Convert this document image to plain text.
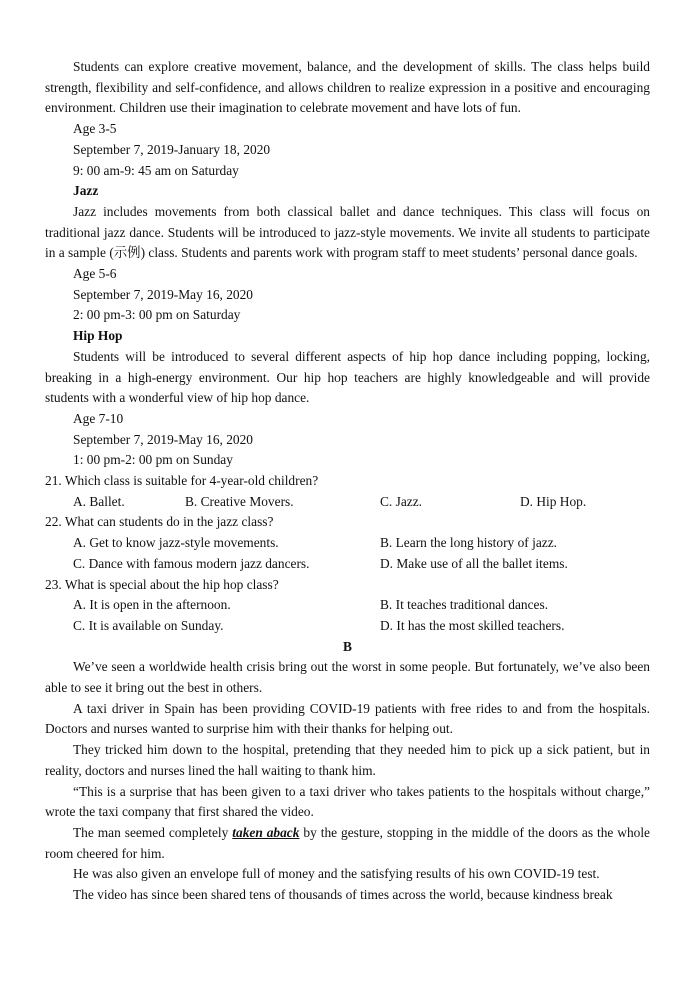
Students can explore creative movement, balance, and the development of skills. The class helps build strength, flexibility and self-confidence, and allows children to realize expression in a positive and encouraging environment. Children use their imagination to celebrate movement and have lots of fun.

Age 3-5

September 7, 2019-January 18, 2020

9: 00 am-9: 45 am on Saturday

Jazz

Jazz includes movements from both classical ballet and dance techniques. This class will focus on traditional jazz dance. Students will be introduced to jazz-style movements. We invite all students to participate in a sample (示例) class. Students and parents work with program staff to meet students’ personal dance goals.

Age 5-6

September 7, 2019-May 16, 2020

2: 00 pm-3: 00 pm on Saturday

Hip Hop

Students will be introduced to several different aspects of hip hop dance including popping, locking, breaking in a high-energy environment. Our hip hop teachers are highly knowledgeable and will provide students with a wonderful view of hip hop dance.

Age 7-10

September 7, 2019-May 16, 2020

1: 00 pm-2: 00 pm on Sunday

21. Which class is suitable for 4-year-old children?

A. Ballet.	B. Creative Movers.	C. Jazz.	D. Hip Hop.

22. What can students do in the jazz class?

A. Get to know jazz-style movements.	B. Learn the long history of jazz.
C. Dance with famous modern jazz dancers.	D. Make use of all the ballet items.

23. What is special about the hip hop class?

A. It is open in the afternoon.	B. It teaches traditional dances.
C. It is available on Sunday.	D. It has the most skilled teachers.

B

We’ve seen a worldwide health crisis bring out the worst in some people. But fortunately, we’ve also been able to see it bring out the best in others.

A taxi driver in Spain has been providing COVID-19 patients with free rides to and from the hospitals. Doctors and nurses wanted to surprise him with their thanks for helping out.

They tricked him down to the hospital, pretending that they needed him to pick up a sick patient, but in reality, doctors and nurses lined the hall waiting to thank him.

“This is a surprise that has been given to a taxi driver who takes patients to the hospitals without charge,” wrote the taxi company that first shared the video.

The man seemed completely taken aback by the gesture, stopping in the middle of the doors as the whole room cheered for him.

He was also given an envelope full of money and the satisfying results of his own COVID-19 test.

The video has since been shared tens of thousands of times across the world, because kindness break
